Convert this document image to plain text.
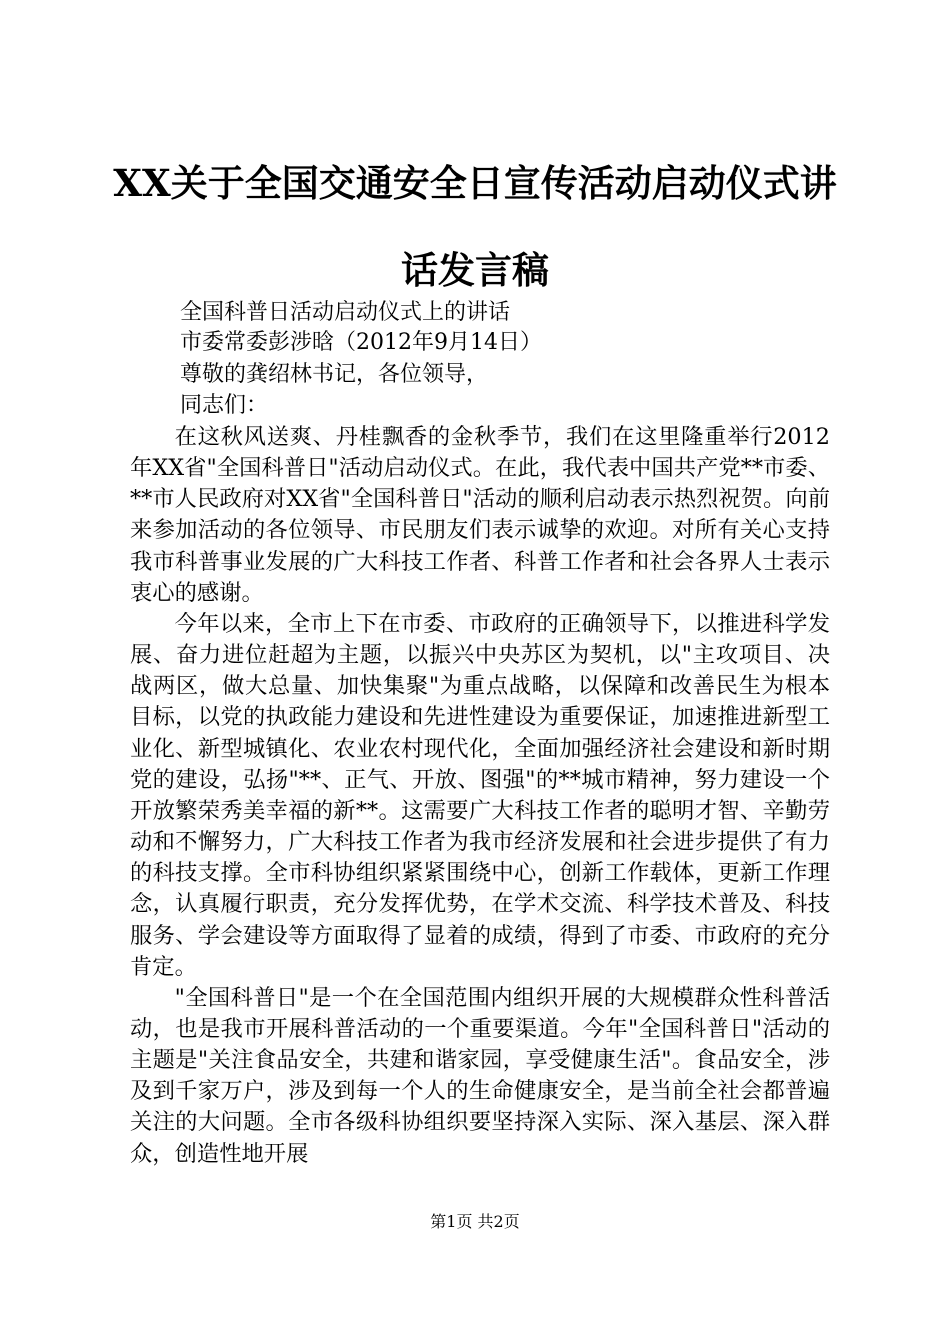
XX关于全国交通安全日宣传活动启动仪式讲
话发言稿
全国科普日活动启动仪式上的讲话
市委常委彭涉晗（2012年9月14日）
尊敬的龚绍林书记，各位领导，
同志们：

在这秋风送爽、丹桂飘香的金秋季节，我们在这里隆重举行2012年XX省"全国科普日"活动启动仪式。在此，我代表中国共产党**市委、**市人民政府对XX省"全国科普日"活动的顺利启动表示热烈祝贺。向前来参加活动的各位领导、市民朋友们表示诚挚的欢迎。对所有关心支持我市科普事业发展的广大科技工作者、科普工作者和社会各界人士表示衷心的感谢。

今年以来，全市上下在市委、市政府的正确领导下，以推进科学发展、奋力进位赶超为主题，以振兴中央苏区为契机，以"主攻项目、决战两区，做大总量、加快集聚"为重点战略，以保障和改善民生为根本目标，以党的执政能力建设和先进性建设为重要保证，加速推进新型工业化、新型城镇化、农业农村现代化，全面加强经济社会建设和新时期党的建设，弘扬"**、正气、开放、图强"的**城市精神，努力建设一个开放繁荣秀美幸福的新**。这需要广大科技工作者的聪明才智、辛勤劳动和不懈努力，广大科技工作者为我市经济发展和社会进步提供了有力的科技支撑。全市科协组织紧紧围绕中心，创新工作载体，更新工作理念，认真履行职责，充分发挥优势，在学术交流、科学技术普及、科技服务、学会建设等方面取得了显着的成绩，得到了市委、市政府的充分肯定。

"全国科普日"是一个在全国范围内组织开展的大规模群众性科普活动，也是我市开展科普活动的一个重要渠道。今年"全国科普日"活动的主题是"关注食品安全，共建和谐家园，享受健康生活"。食品安全，涉及到千家万户，涉及到每一个人的生命健康安全，是当前全社会都普遍关注的大问题。全市各级科协组织要坚持深入实际、深入基层、深入群众，创造性地开展

第1页 共2页
